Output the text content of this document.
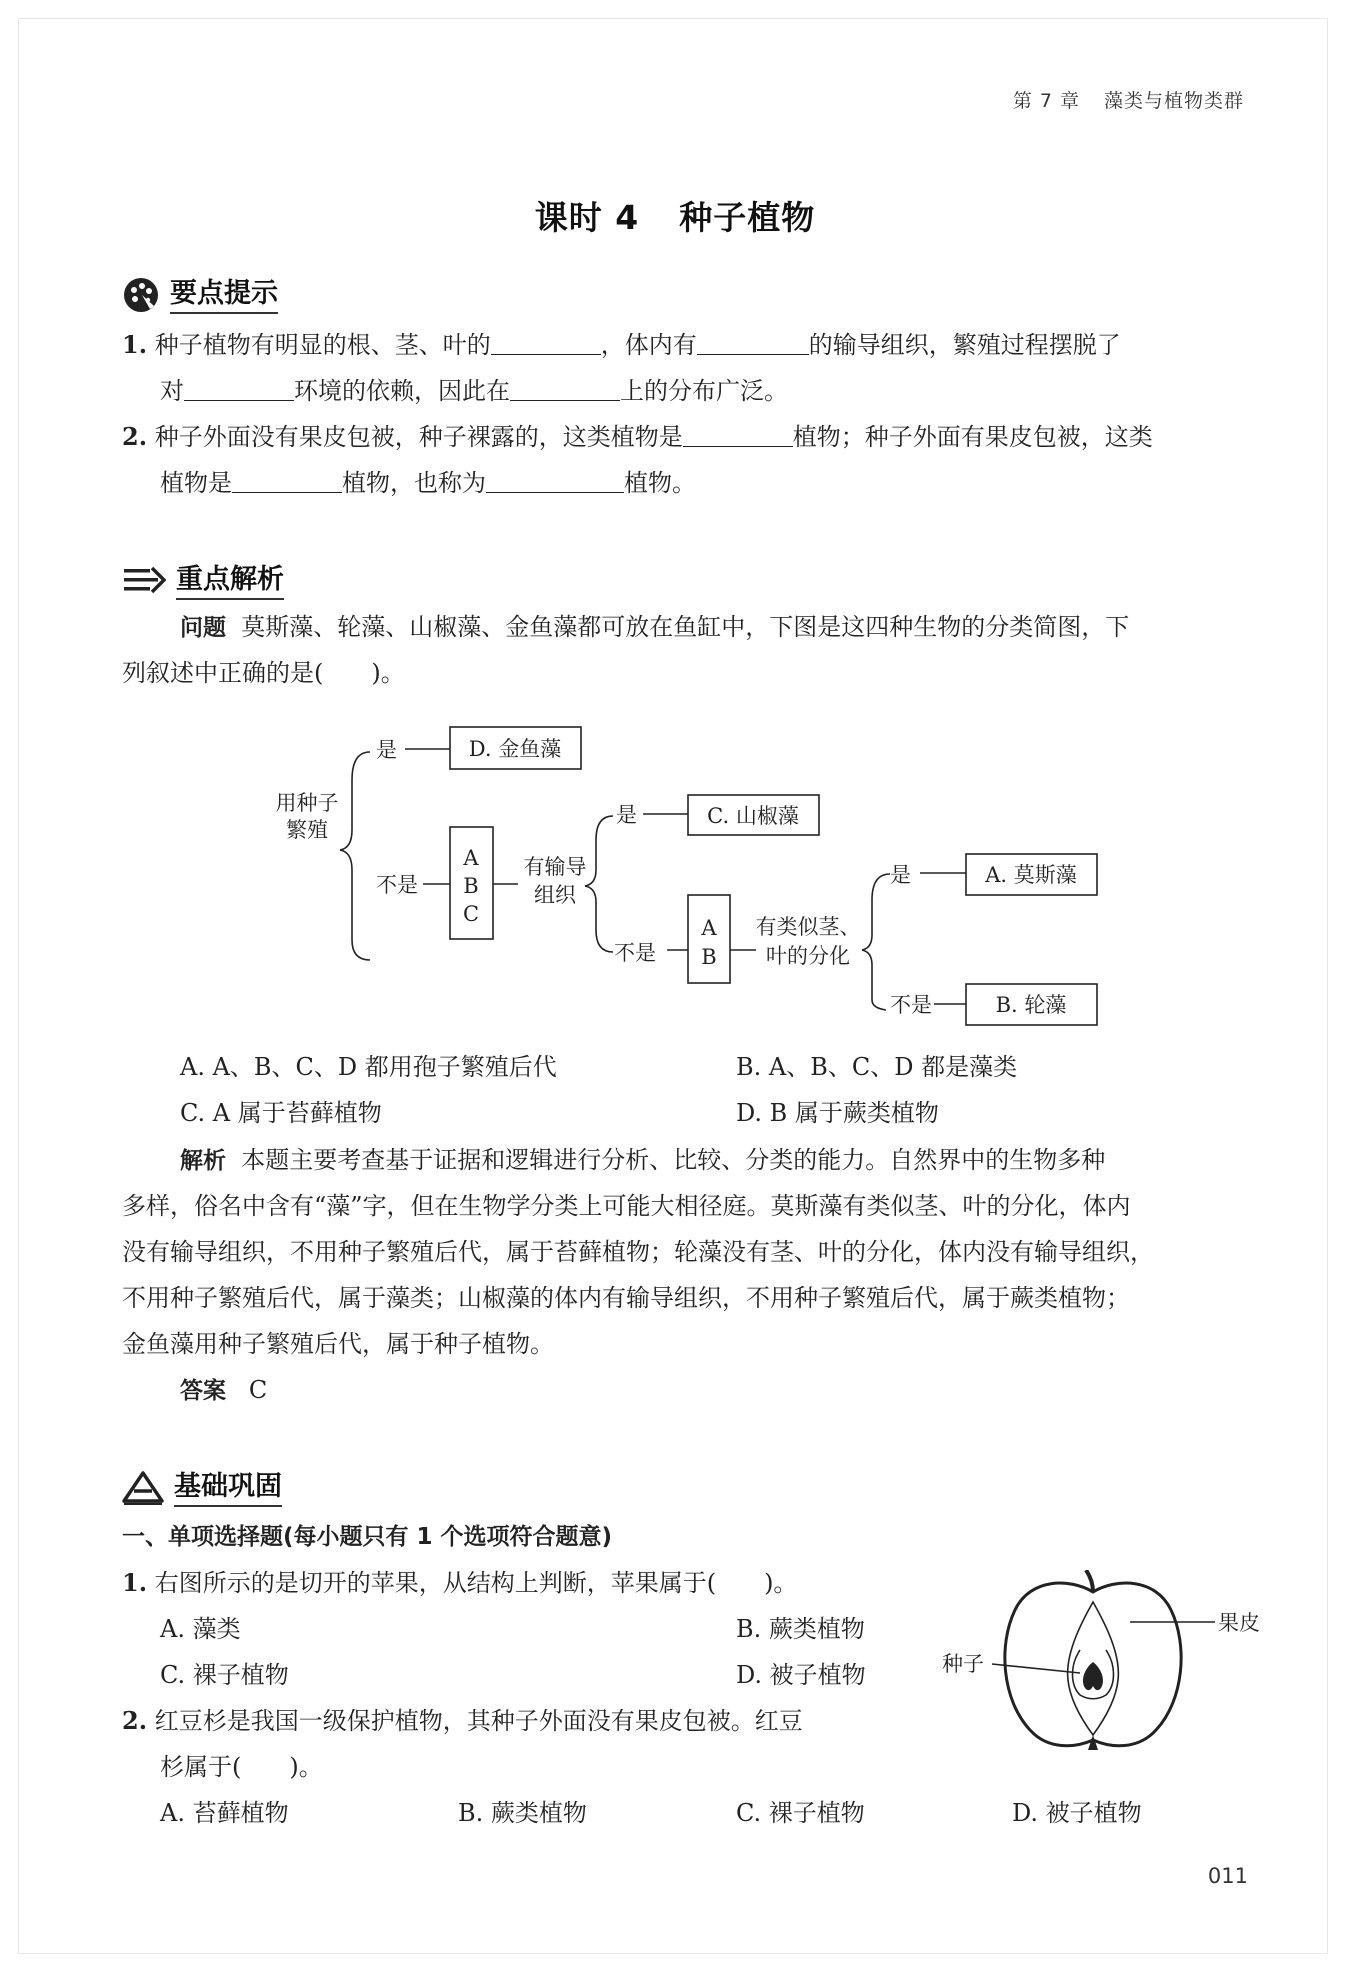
第 7 章 藻类与植物类群
课时 4 种子植物
要点提示
1. 种子植物有明显的根、茎、叶的	，体内有	的输导组织，繁殖过程摆脱了
对	环境的依赖，因此在	上的分布广泛。
2. 种子外面没有果皮包被，种子裸露的，这类植物是	植物；种子外面有果皮包被，这类
植物是	植物，也称为	植物。
重点解析
问题 莫斯藻、轮藻、山椒藻、金鱼藻都可放在鱼缸中，下图是这四种生物的分类简图，下
列叙述中正确的是(　　)。
用种子
繁殖
是
不是
D. 金鱼藻
A
B
C
有输导
组织
是
不是
C. 山椒藻
A
B
有类似茎、
叶的分化
是
不是
A. 莫斯藻
B. 轮藻
A. A、B、C、D 都用孢子繁殖后代	B. A、B、C、D 都是藻类
C. A 属于苔藓植物	D. B 属于蕨类植物
解析 本题主要考查基于证据和逻辑进行分析、比较、分类的能力。自然界中的生物多种
多样，俗名中含有“藻”字，但在生物学分类上可能大相径庭。莫斯藻有类似茎、叶的分化，体内
没有输导组织，不用种子繁殖后代，属于苔藓植物；轮藻没有茎、叶的分化，体内没有输导组织，
不用种子繁殖后代，属于藻类；山椒藻的体内有输导组织，不用种子繁殖后代，属于蕨类植物；
金鱼藻用种子繁殖后代，属于种子植物。
答案 C
基础巩固
一、单项选择题(每小题只有 1 个选项符合题意)
1. 右图所示的是切开的苹果，从结构上判断，苹果属于(　　)。
A. 藻类	B. 蕨类植物
C. 裸子植物	D. 被子植物
果皮
种子
2. 红豆杉是我国一级保护植物，其种子外面没有果皮包被。红豆
杉属于(　　)。
A. 苔藓植物	B. 蕨类植物	C. 裸子植物	D. 被子植物
011
